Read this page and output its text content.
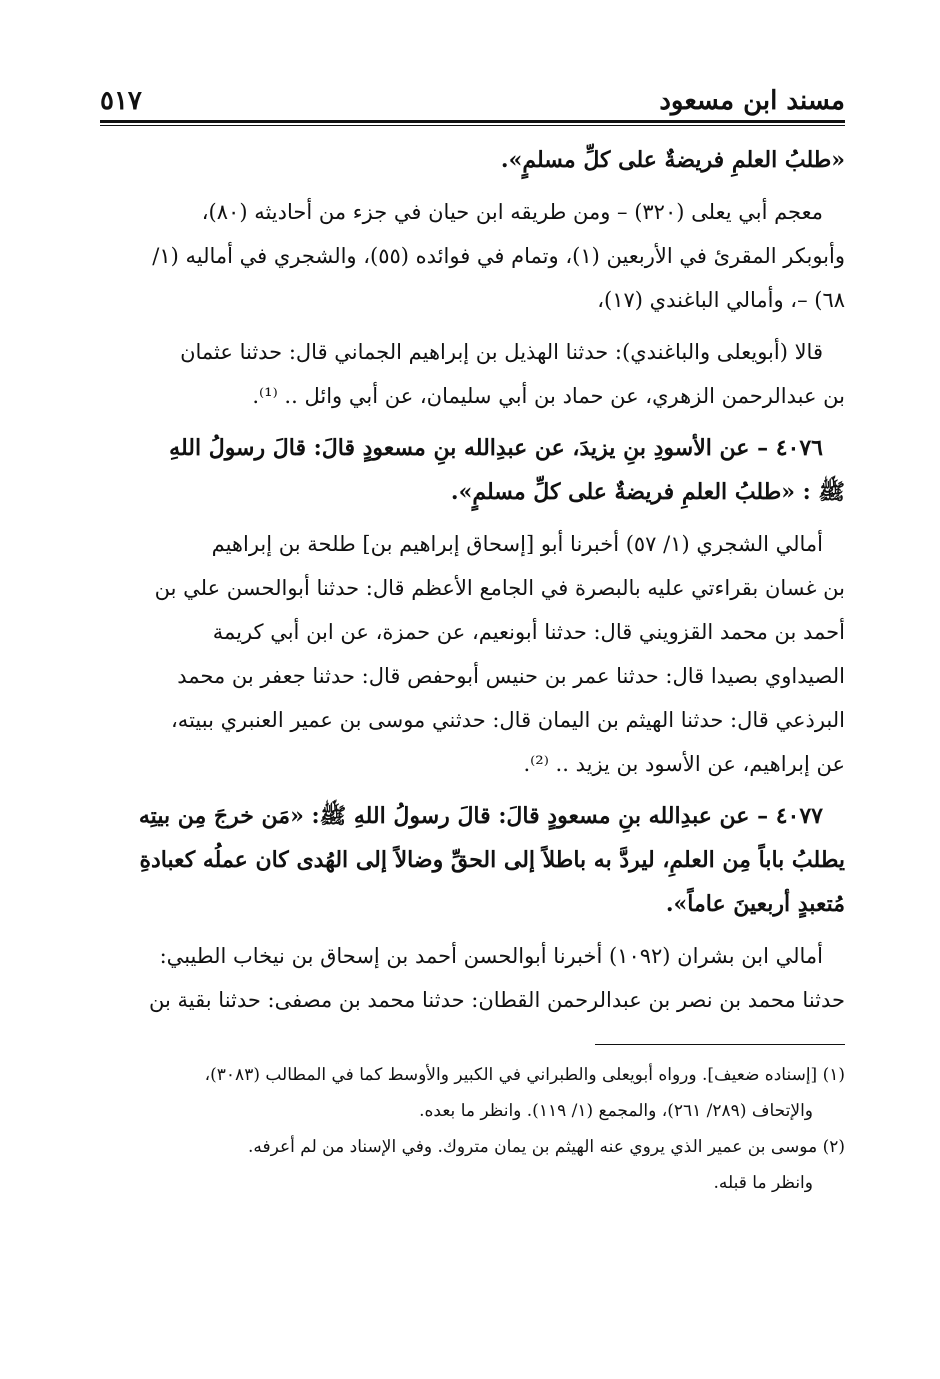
مسند ابن مسعود
٥١٧

«طلبُ العلمِ فريضةٌ على كلِّ مسلمٍ».

معجم أبي يعلى (٣٢٠) – ومن طريقه ابن حيان في جزء من أحاديثه (٨٠)،

وأبوبكر المقرئ في الأربعين (١)، وتمام في فوائده (٥٥)، والشجري في أماليه (١/

٦٨) –، وأمالي الباغندي (١٧)،

قالا (أبويعلى والباغندي): حدثنا الهذيل بن إبراهيم الجماني قال: حدثنا عثمان

بن عبدالرحمن الزهري، عن حماد بن أبي سليمان، عن أبي وائل .. ⁽¹⁾.

٤٠٧٦ – عن الأسودِ بنِ يزيدَ، عن عبدِالله بنِ مسعودٍ قالَ: قالَ رسولُ اللهِ

ﷺ : «طلبُ العلمِ فريضةٌ على كلِّ مسلمٍ».

أمالي الشجري (١/ ٥٧) أخبرنا أبو [إسحاق إبراهيم بن] طلحة بن إبراهيم

بن غسان بقراءتي عليه بالبصرة في الجامع الأعظم قال: حدثنا أبوالحسن علي بن

أحمد بن محمد القزويني قال: حدثنا أبونعيم، عن حمزة، عن ابن أبي كريمة

الصيداوي بصيدا قال: حدثنا عمر بن حنيس أبوحفص قال: حدثنا جعفر بن محمد

البرذعي قال: حدثنا الهيثم بن اليمان قال: حدثني موسى بن عمير العنبري ببيته،

عن إبراهيم، عن الأسود بن يزيد .. ⁽²⁾.

٤٠٧٧ – عن عبدِالله بنِ مسعودٍ قالَ: قالَ رسولُ اللهِ ﷺ: «مَن خرجَ مِن بيتِه

يطلبُ باباً مِن العلمِ، ليردَّ به باطلاً إلى الحقِّ وضالاً إلى الهُدى كان عملُه كعبادةِ

مُتعبدٍ أربعينَ عاماً».

أمالي ابن بشران (١٠٩٢) أخبرنا أبوالحسن أحمد بن إسحاق بن نيخاب الطيبي:

حدثنا محمد بن نصر بن عبدالرحمن القطان: حدثنا محمد بن مصفى: حدثنا بقية بن

(١) [إسناده ضعيف]. ورواه أبويعلى والطبراني في الكبير والأوسط كما في المطالب (٣٠٨٣)،

والإتحاف (٢٨٩/ ٢٦١)، والمجمع (١/ ١١٩). وانظر ما بعده.

(٢) موسى بن عمير الذي يروي عنه الهيثم بن يمان متروك. وفي الإسناد من لم أعرفه.

وانظر ما قبله.
